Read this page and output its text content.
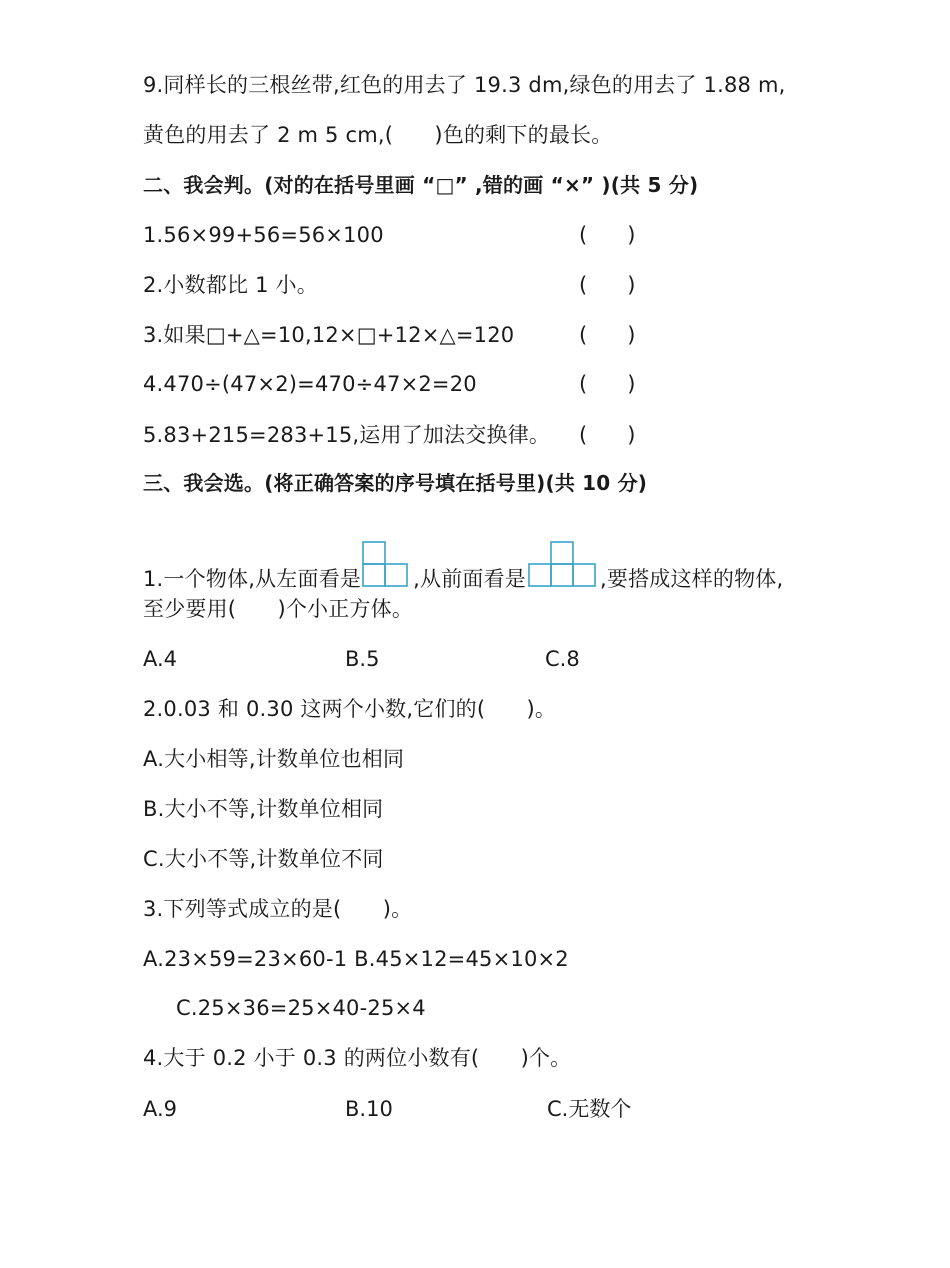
9.同样长的三根丝带,红色的用去了 19.3 dm,绿色的用去了 1.88 m,
黄色的用去了 2 m 5 cm,( )色的剩下的最长。
二、我会判。(对的在括号里画 “□” ,错的画 “×” )(共 5 分)
1.56×99+56=56×100	(      )
2.小数都比 1 小。	(      )
3.如果□+△=10,12×□+12×△=120	(      )
4.470÷(47×2)=470÷47×2=20	(      )
5.83+215=283+15,运用了加法交换律。 (      )
三、我会选。(将正确答案的序号填在括号里)(共 10 分)
1.一个物体,从左面看是 ,从前面看是	,要搭成这样的物体,
至少要用( )个小正方体。
A.4	B.5	C.8
2.0.03 和 0.30 这两个小数,它们的( )。
A.大小相等,计数单位也相同
B.大小不等,计数单位相同
C.大小不等,计数单位不同
3.下列等式成立的是( )。
A.23×59=23×60-1 B.45×12=45×10×2
C.25×36=25×40-25×4
4.大于 0.2 小于 0.3 的两位小数有( )个。
A.9	B.10	C.无数个
